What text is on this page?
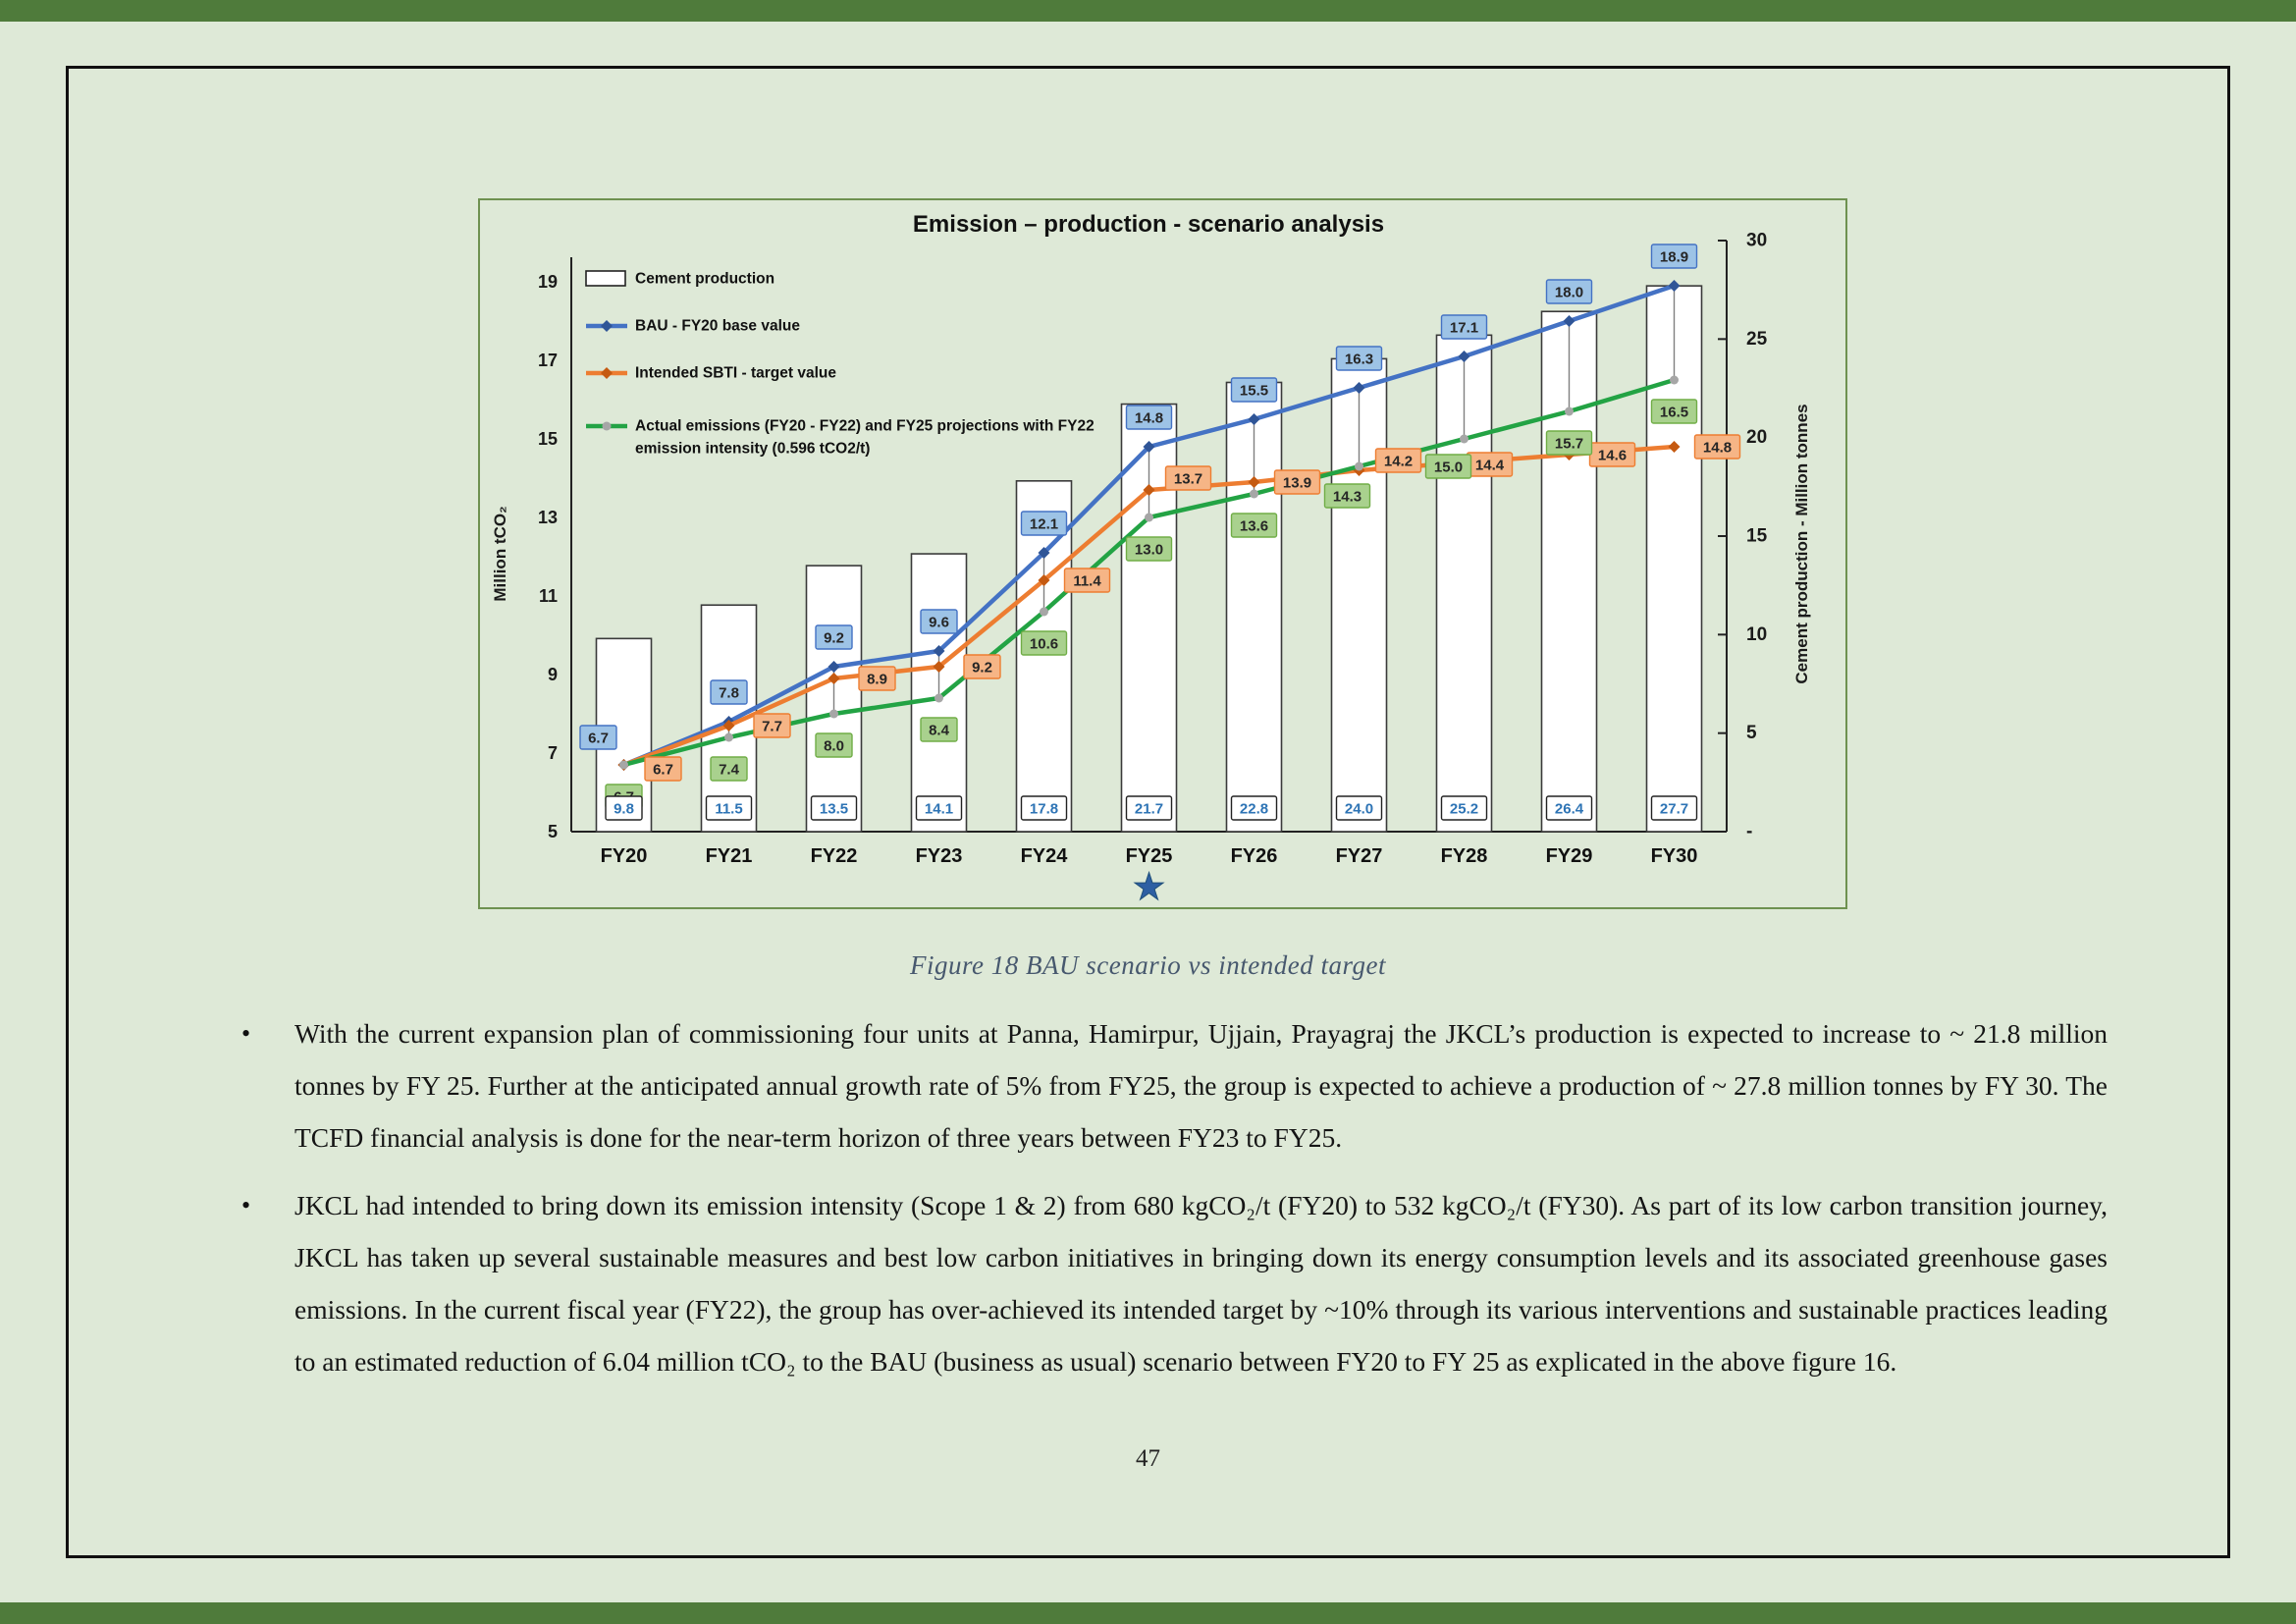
Emission – production - scenario analysis
5
7
9
11
13
15
17
19
30
25
20
15
10
5
-
Million tCO₂	Cement production - Million tonnes
FY20	FY21	FY22	FY23	FY24	FY25	FY26	FY27	FY28	FY29	FY30
★
6.7
7.8
9.2
9.6
12.1
14.8
15.5
16.3
17.1
18.0
18.9
6.7
7.7
8.9
9.2
11.4
13.7	13.9
14.2	14.4
14.6	14.8
7.4
8.0
8.4
10.6
13.0
13.6
14.3
15.0
15.7
16.5
9.8	11.5	13.5	14.1	17.8	21.7	22.8	24.0	25.2	26.4	27.7
Cement production
BAU - FY20 base value
Intended SBTI - target value
Actual emissions (FY20 - FY22) and FY25 projections with FY22
emission intensity (0.596 tCO2/t)
Figure 18 BAU scenario vs intended target
•	With the current expansion plan of commissioning four units at Panna, Hamirpur, Ujjain, Prayagraj the JKCL’s production is expected to increase to ~ 21.8 million tonnes by FY 25. Further at the anticipated annual growth rate of 5% from FY25, the group is expected to achieve a production of ~ 27.8 million tonnes by FY 30. The TCFD financial analysis is done for the near-term horizon of three years between FY23 to FY25.

•	JKCL had intended to bring down its emission intensity (Scope 1 & 2) from 680 kgCO₂/t (FY20) to 532 kgCO₂/t (FY30). As part of its low carbon transition journey, JKCL has taken up several sustainable measures and best low carbon initiatives in bringing down its energy consumption levels and its associated greenhouse gases emissions. In the current fiscal year (FY22), the group has over-achieved its intended target by ~10% through its various interventions and sustainable practices leading to an estimated reduction of 6.04 million tCO₂ to the BAU (business as usual) scenario between FY20 to FY 25 as explicated in the above figure 16.

47
